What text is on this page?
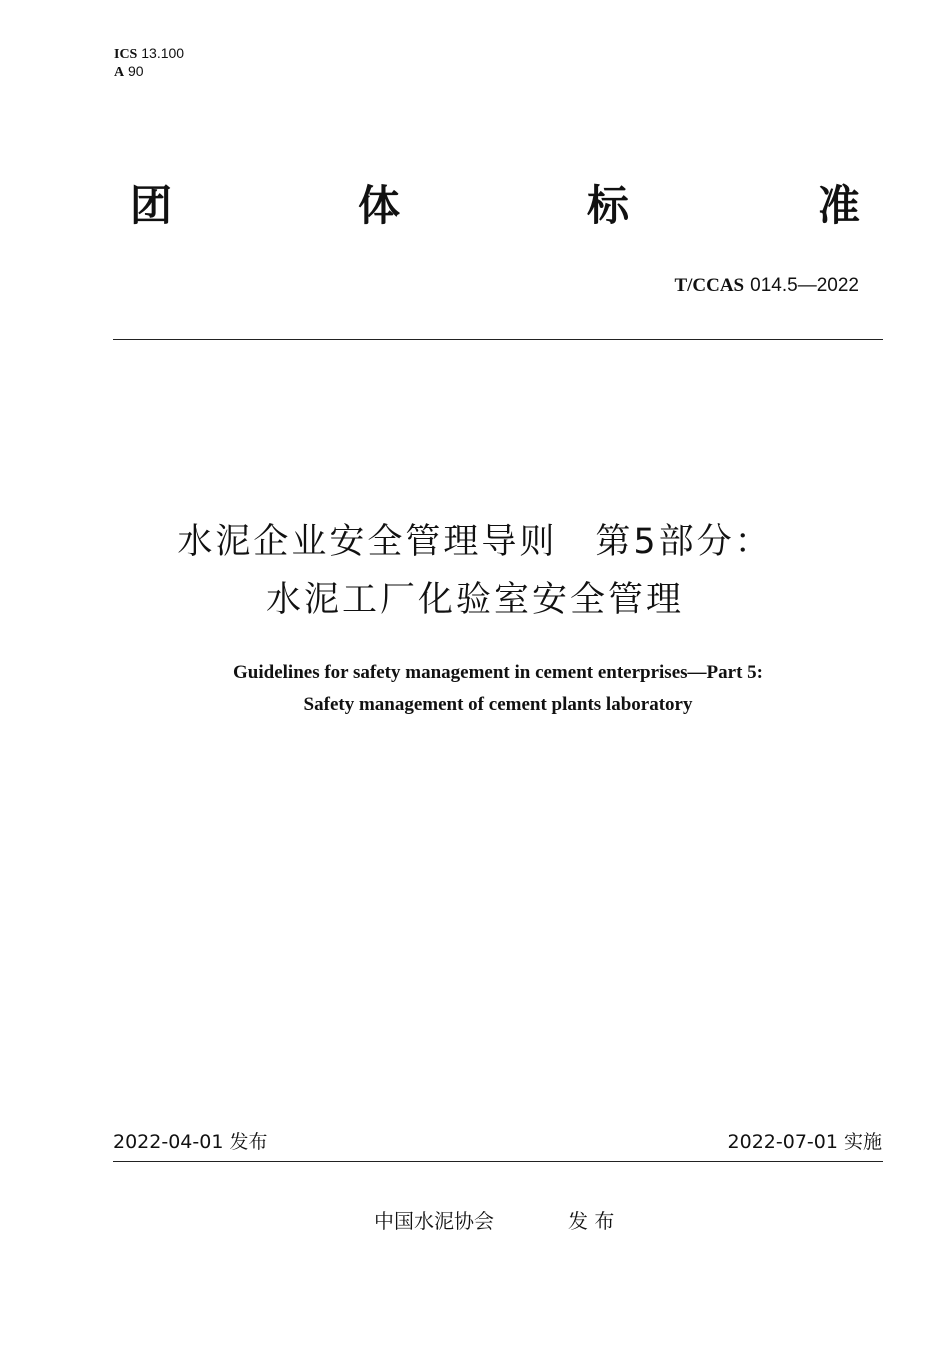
ICS 13.100
A 90
团	体	标	准
T/CCAS 014.5—2022
水泥企业安全管理导则　第5部分：
水泥工厂化验室安全管理
Guidelines for safety management in cement enterprises—Part 5:
Safety management of cement plants laboratory
2022-04-01 发布	2022-07-01 实施
中国水泥协会	发 布
